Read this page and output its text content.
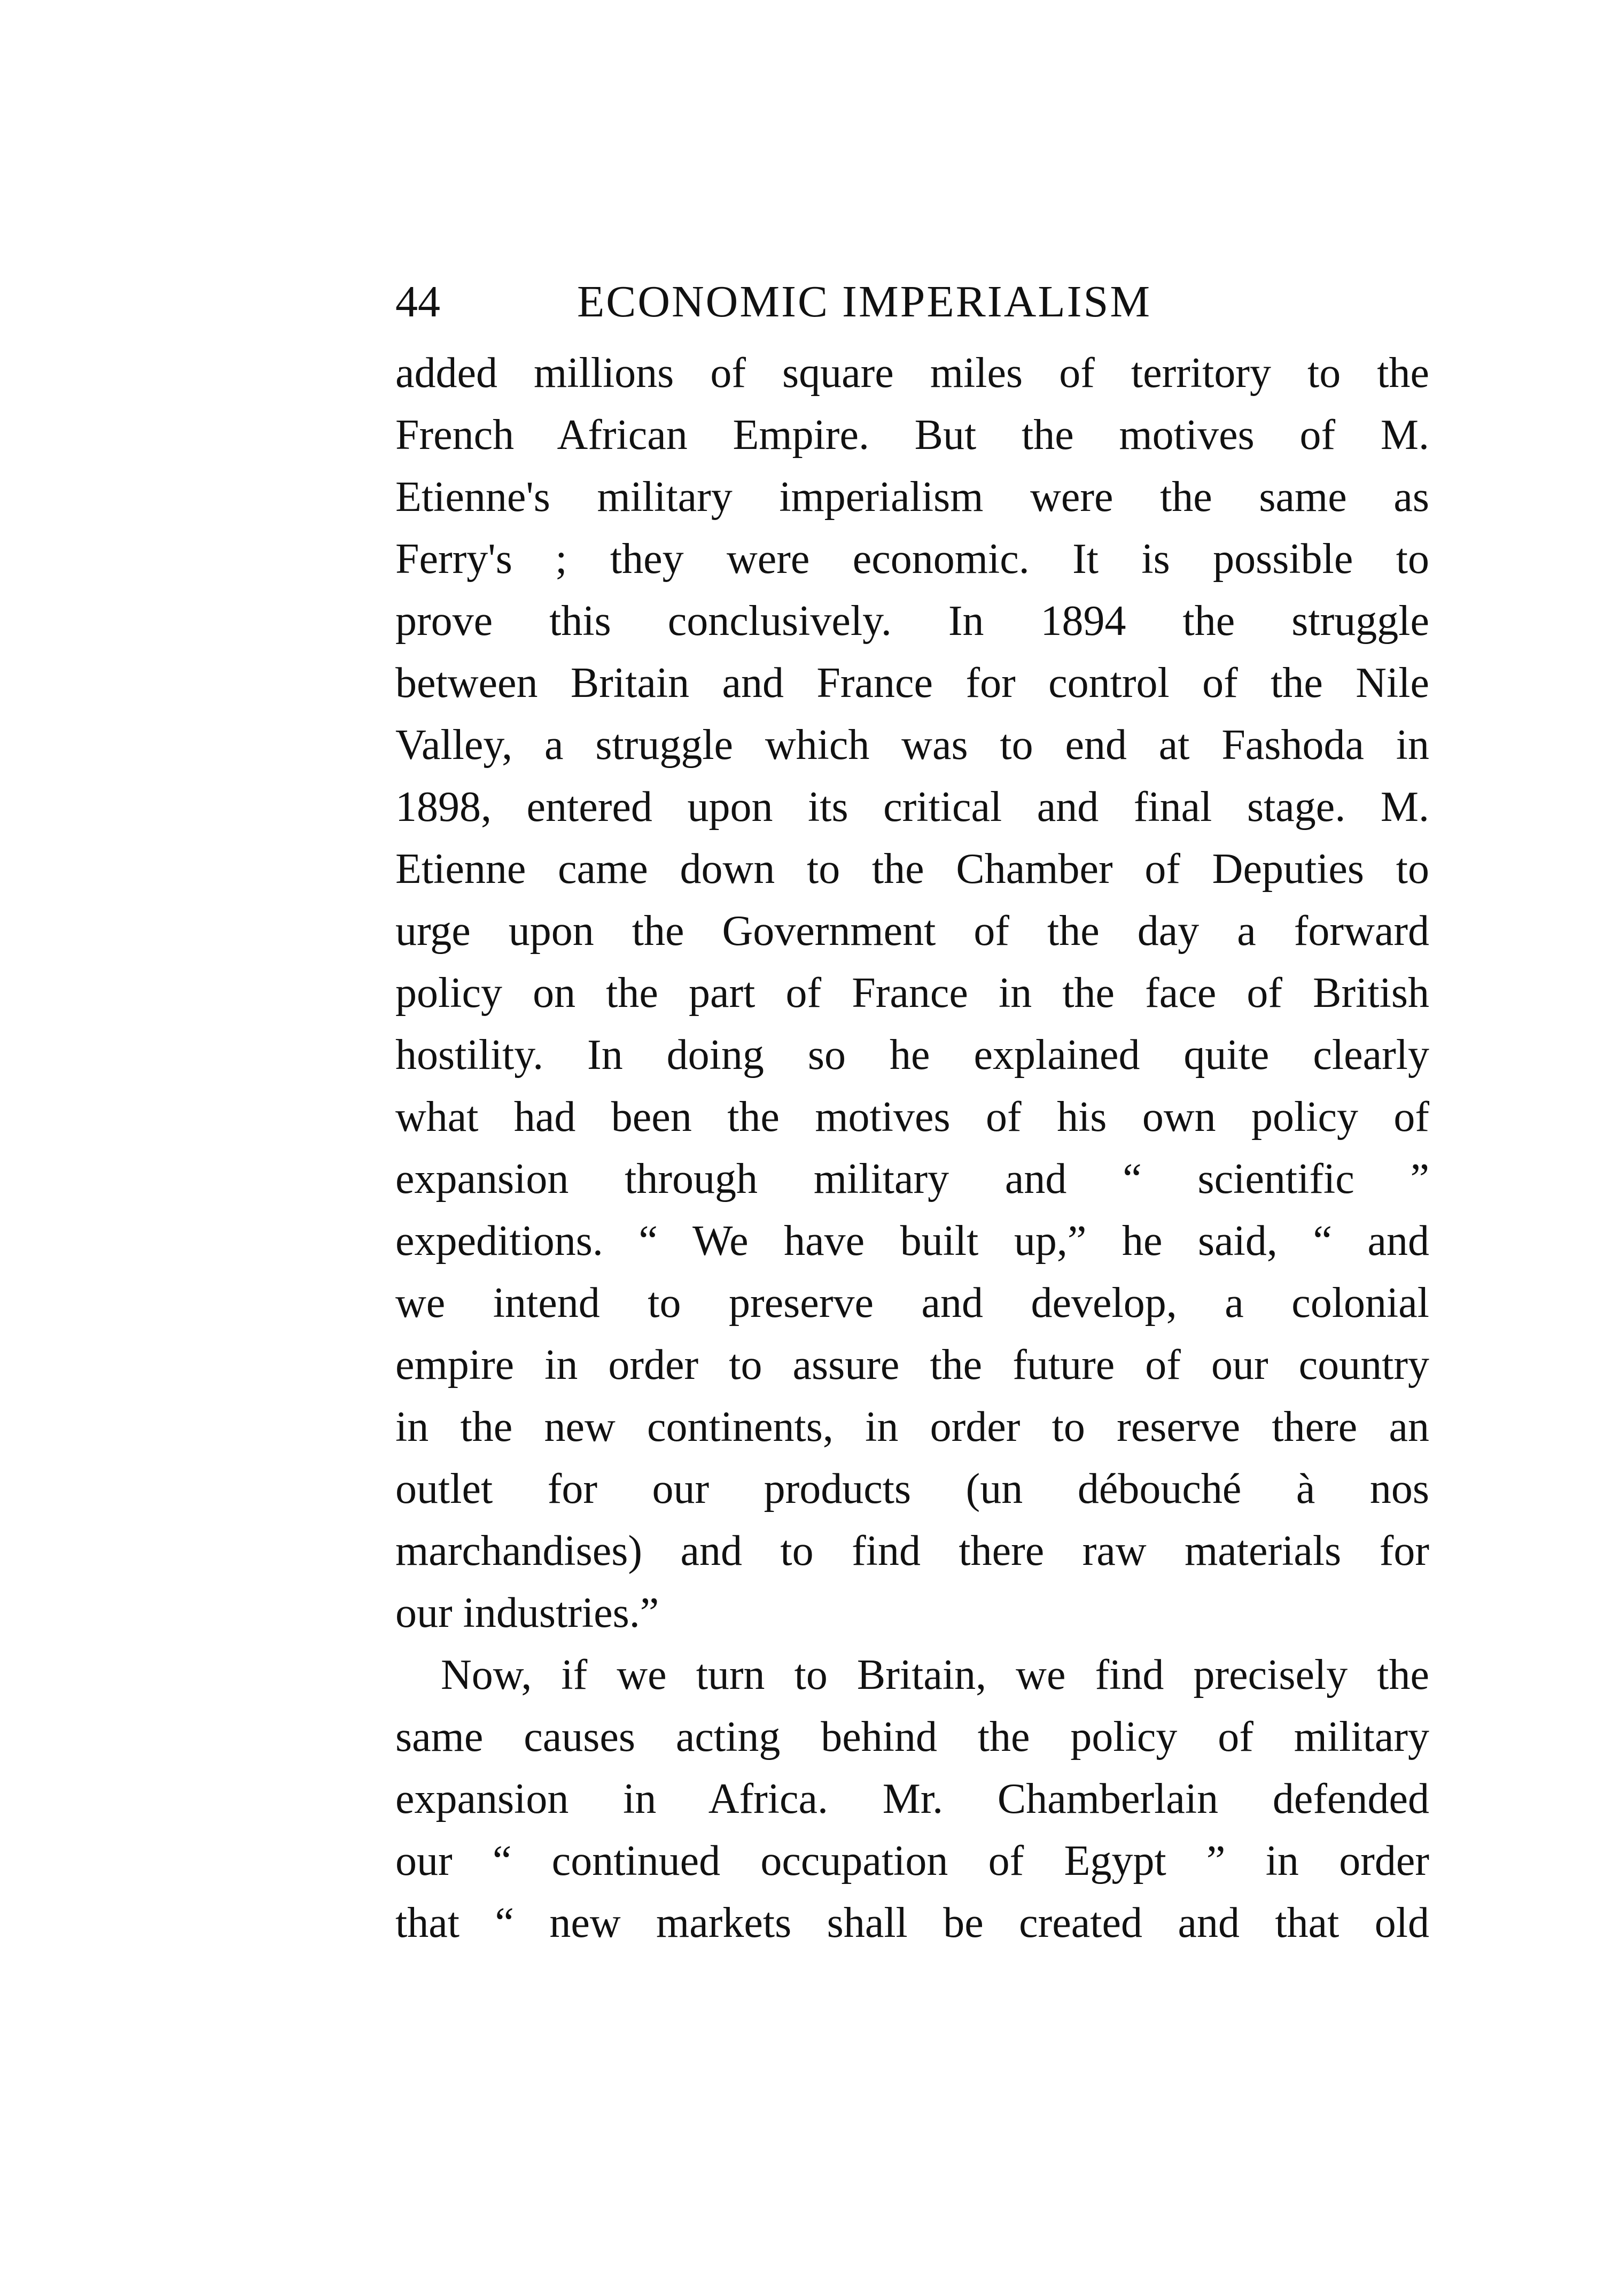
44	ECONOMIC IMPERIALISM
added millions of square miles of territory to the
French African Empire. But the motives of M.
Etienne's military imperialism were the same as
Ferry's ; they were economic. It is possible to
prove this conclusively. In 1894 the struggle
between Britain and France for control of the Nile
Valley, a struggle which was to end at Fashoda in
1898, entered upon its critical and final stage. M.
Etienne came down to the Chamber of Deputies to
urge upon the Government of the day a forward
policy on the part of France in the face of British
hostility. In doing so he explained quite clearly
what had been the motives of his own policy of
expansion through military and “ scientific ”
expeditions. “ We have built up,” he said, “ and
we intend to preserve and develop, a colonial
empire in order to assure the future of our country
in the new continents, in order to reserve there an
outlet for our products (un débouché à nos
marchandises) and to find there raw materials for
our industries.”
Now, if we turn to Britain, we find precisely the
same causes acting behind the policy of military
expansion in Africa. Mr. Chamberlain defended
our “ continued occupation of Egypt ” in order
that “ new markets shall be created and that old
